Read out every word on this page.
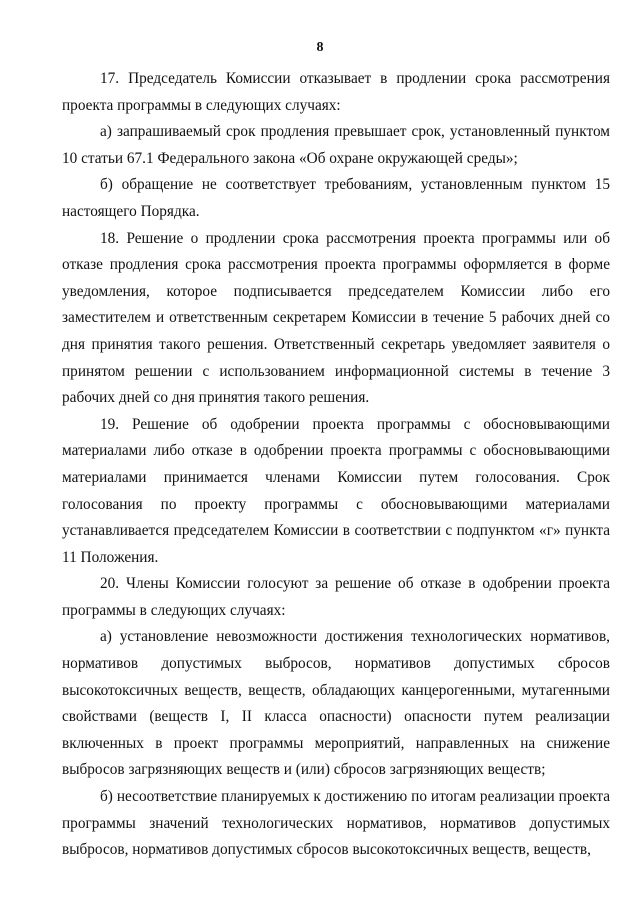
8

17. Председатель Комиссии отказывает в продлении срока рассмотрения проекта программы в следующих случаях:

а) запрашиваемый срок продления превышает срок, установленный пунктом 10 статьи 67.1 Федерального закона «Об охране окружающей среды»;

б) обращение не соответствует требованиям, установленным пунктом 15 настоящего Порядка.

18. Решение о продлении срока рассмотрения проекта программы или об отказе продления срока рассмотрения проекта программы оформляется в форме уведомления, которое подписывается председателем Комиссии либо его заместителем и ответственным секретарем Комиссии в течение 5 рабочих дней со дня принятия такого решения. Ответственный секретарь уведомляет заявителя о принятом решении с использованием информационной системы в течение 3 рабочих дней со дня принятия такого решения.

19. Решение об одобрении проекта программы с обосновывающими материалами либо отказе в одобрении проекта программы с обосновывающими материалами принимается членами Комиссии путем голосования. Срок голосования по проекту программы с обосновывающими материалами устанавливается председателем Комиссии в соответствии с подпунктом «г» пункта 11 Положения.

20. Члены Комиссии голосуют за решение об отказе в одобрении проекта программы в следующих случаях:

а) установление невозможности достижения технологических нормативов, нормативов допустимых выбросов, нормативов допустимых сбросов высокотоксичных веществ, веществ, обладающих канцерогенными, мутагенными свойствами (веществ I, II класса опасности) опасности путем реализации включенных в проект программы мероприятий, направленных на снижение выбросов загрязняющих веществ и (или) сбросов загрязняющих веществ;

б) несоответствие планируемых к достижению по итогам реализации проекта программы значений технологических нормативов, нормативов допустимых выбросов, нормативов допустимых сбросов высокотоксичных веществ, веществ,
